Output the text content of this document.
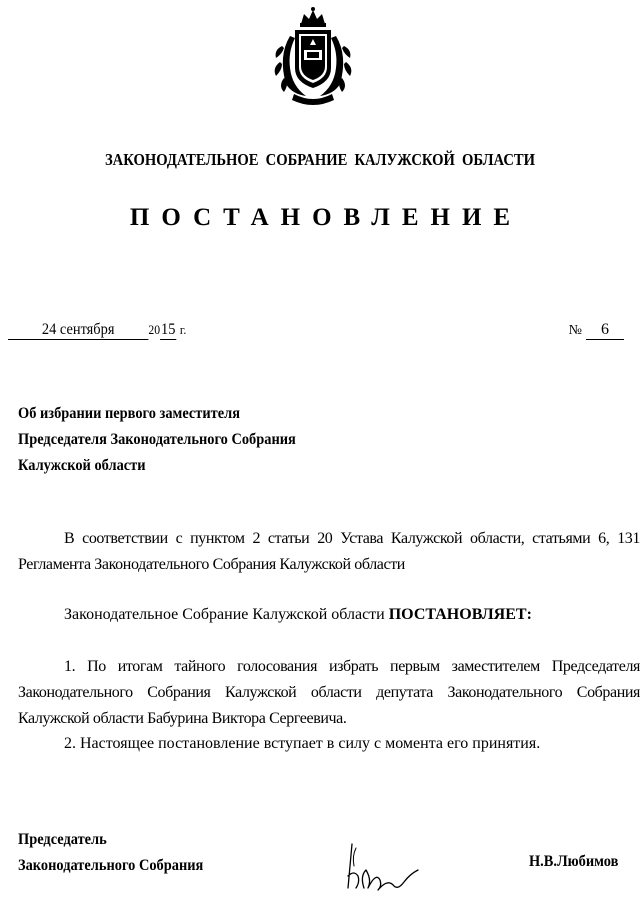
ЗАКОНОДАТЕЛЬНОЕ СОБРАНИЕ КАЛУЖСКОЙ ОБЛАСТИ
ПОСТАНОВЛЕНИЕ
24 сентября	2015 г.	№ 6
Об избрании первого заместителя
Председателя Законодательного Собрания
Калужской области
В соответствии с пунктом 2 статьи 20 Устава Калужской области, статьями 6, 131 Регламента Законодательного Собрания Калужской области
Законодательное Собрание Калужской области ПОСТАНОВЛЯЕТ:
1. По итогам тайного голосования избрать первым заместителем Председателя Законодательного Собрания Калужской области депутата Законодательного Собрания Калужской области Бабурина Виктора Сергеевича.
2. Настоящее постановление вступает в силу с момента его принятия.
Председатель
Законодательного Собрания	Н.В.Любимов
